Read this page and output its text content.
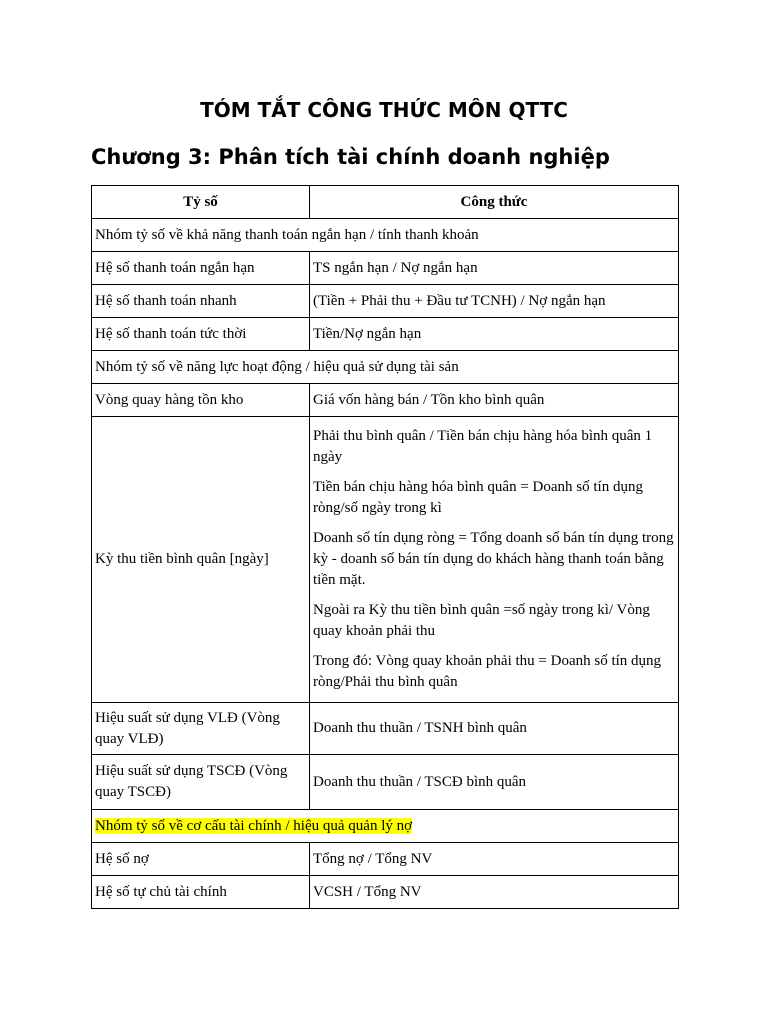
TÓM TẮT CÔNG THỨC MÔN QTTC
Chương 3: Phân tích tài chính doanh nghiệp
Tỷ số	Công thức
Nhóm tỷ số về khả năng thanh toán ngắn hạn / tính thanh khoản	
Hệ số thanh toán ngắn hạn	TS ngắn hạn / Nợ ngắn hạn
Hệ số thanh toán nhanh	(Tiền + Phải thu + Đầu tư TCNH) / Nợ ngắn hạn
Hệ số thanh toán tức thời	Tiền/Nợ ngắn hạn
Nhóm tỷ số về năng lực hoạt động / hiệu quả sử dụng tài sản	
Vòng quay hàng tồn kho	Giá vốn hàng bán / Tồn kho bình quân
Kỳ thu tiền bình quân [ngày]	Phải thu bình quân / Tiền bán chịu hàng hóa bình quân 1 ngày
Tiền bán chịu hàng hóa bình quân = Doanh số tín dụng ròng/số ngày trong kì
Doanh số tín dụng ròng = Tổng doanh số bán tín dụng trong kỳ - doanh số bán tín dụng do khách hàng thanh toán bằng tiền mặt.
Ngoài ra Kỳ thu tiền bình quân =số ngày trong kì/ Vòng quay khoản phải thu
Trong đó: Vòng quay khoản phải thu = Doanh số tín dụng ròng/Phải thu bình quân

Hiệu suất sử dụng VLĐ (Vòng quay VLĐ)	Doanh thu thuần / TSNH bình quân
Hiệu suất sử dụng TSCĐ (Vòng quay TSCĐ)	Doanh thu thuần / TSCĐ bình quân
Nhóm tỷ số về cơ cấu tài chính / hiệu quả quản lý nợ	
Hệ số nợ	Tổng nợ / Tổng NV
Hệ số tự chủ tài chính	VCSH / Tổng NV
